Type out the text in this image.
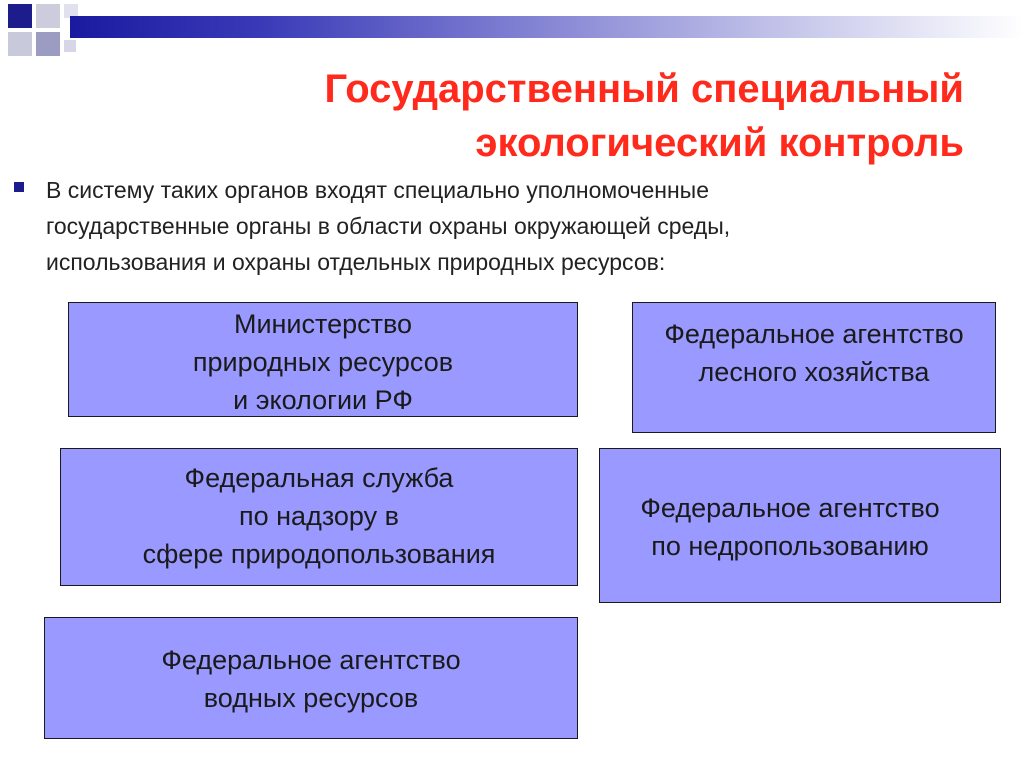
Государственный специальный
экологический контроль
В систему таких органов входят специально уполномоченные
государственные органы в области охраны окружающей среды,
использования и охраны отдельных природных ресурсов:
Министерство
природных ресурсов
и экологии РФ
Федеральное агентство
лесного хозяйства
Федеральная служба
по надзору в
сфере природопользования
Федеральное агентство
по недропользованию
Федеральное агентство
водных ресурсов
